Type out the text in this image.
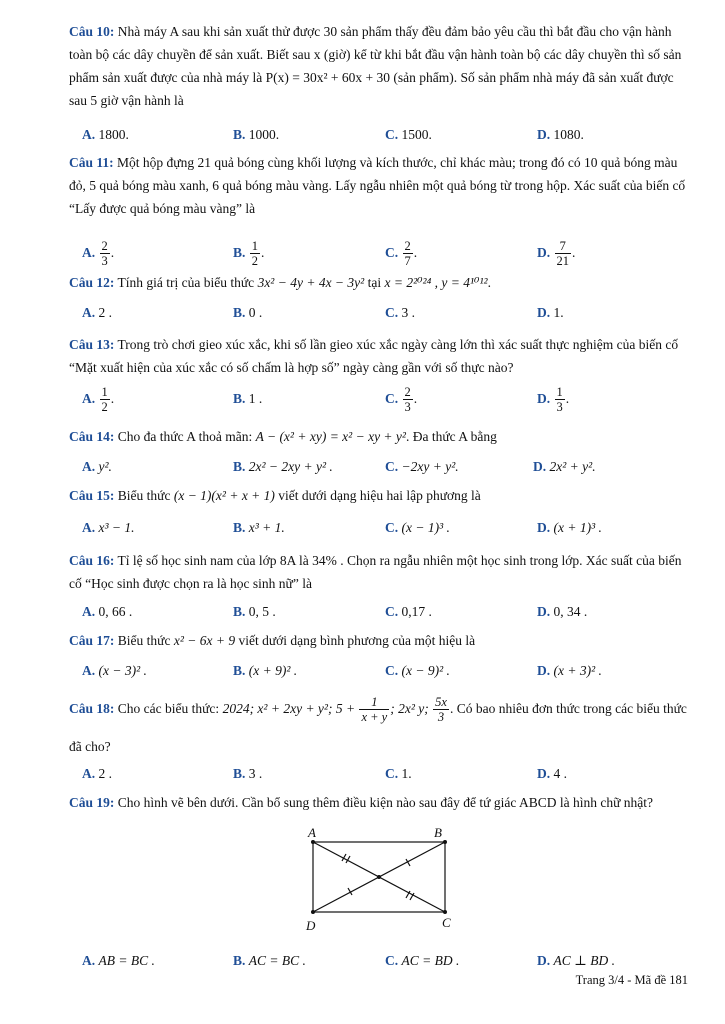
Câu 10: Nhà máy A sau khi sản xuất thử được 30 sản phẩm thấy đều đảm bảo yêu cầu thì bắt đầu cho vận hành toàn bộ các dây chuyền để sản xuất. Biết sau x (giờ) kể từ khi bắt đầu vận hành toàn bộ các dây chuyền thì số sản phẩm sản xuất được của nhà máy là P(x) = 30x² + 60x + 30 (sản phẩm). Số sản phẩm nhà máy đã sản xuất được sau 5 giờ vận hành là
A. 1800.	B. 1000.	C. 1500.	D. 1080.
Câu 11: Một hộp đựng 21 quả bóng cùng khối lượng và kích thước, chỉ khác màu; trong đó có 10 quả bóng màu đỏ, 5 quả bóng màu xanh, 6 quả bóng màu vàng. Lấy ngẫu nhiên một quả bóng từ trong hộp. Xác suất của biến cố “Lấy được quả bóng màu vàng” là
A. $\frac{2}{3}$ .	B. $\frac{1}{2}$ .	C. $\frac{2}{7}$ .	D. $\frac{7}{21}$ .
Câu 12: Tính giá trị của biểu thức 3x² − 4y + 4x − 3y² tại x = 2²⁰²⁴ , y = 4¹⁰¹².
A. 2 .	B. 0 .	C. 3 .	D. 1.
Câu 13: Trong trò chơi gieo xúc xắc, khi số lần gieo xúc xắc ngày càng lớn thì xác suất thực nghiệm của biến cố “Mặt xuất hiện của xúc xắc có số chấm là hợp số” ngày càng gần với số thực nào?
A. $\frac{1}{2}$ .	B. 1 .	C. $\frac{2}{3}$ .	D. $\frac{1}{3}$ .
Câu 14: Cho đa thức A thoả mãn: A − (x² + xy) = x² − xy + y². Đa thức A bằng
A. y².	B. 2x² − 2xy + y² .	C. −2xy + y².	D. 2x² + y².
Câu 15: Biểu thức (x − 1)(x² + x + 1) viết dưới dạng hiệu hai lập phương là
A. x³ − 1.	B. x³ + 1.	C. (x − 1)³ .	D. (x + 1)³ .
Câu 16: Tỉ lệ số học sinh nam của lớp 8A là 34% . Chọn ra ngẫu nhiên một học sinh trong lớp. Xác suất của biến cố “Học sinh được chọn ra là học sinh nữ” là
A. 0, 66 .	B. 0, 5 .	C. 0,17 .	D. 0, 34 .
Câu 17: Biểu thức x² − 6x + 9 viết dưới dạng bình phương của một hiệu là
A. (x − 3)² .	B. (x + 9)² .	C. (x − 9)² .	D. (x + 3)² .
Câu 18: Cho các biểu thức: 2024; x² + 2xy + y²; $5 + \frac{1}{x + y}$ ; 2x² y; $\frac{5x}{3}$ . Có bao nhiêu đơn thức trong các biểu thức đã cho?
A. 2 .	B. 3 .	C. 1.	D. 4 .
Câu 19: Cho hình vẽ bên dưới. Cần bổ sung thêm điều kiện nào sau đây để tứ giác ABCD là hình chữ nhật?
A	B
C
D
A. AB = BC .	B. AC = BC .	C. AC = BD .	D. AC ⊥ BD .
Trang 3/4 - Mã đề 181
